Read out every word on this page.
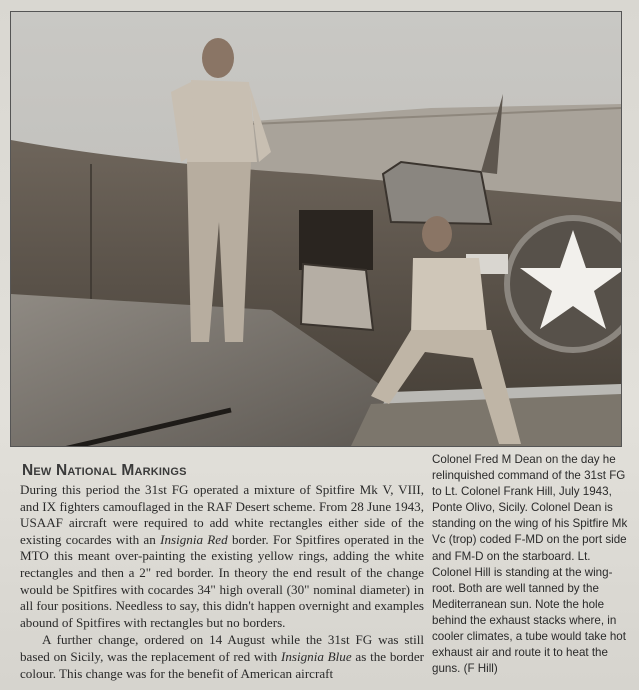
New National Markings

During this period the 31st FG operated a mixture of Spitfire Mk V, VIII, and IX fighters camouflaged in the RAF Desert scheme. From 28 June 1943, USAAF aircraft were required to add white rectangles either side of the existing cocardes with an Insignia Red border. For Spitfires operated in the MTO this meant over-painting the existing yellow rings, adding the white rectangles and then a 2" red border. In theory the end result of the change would be Spitfires with cocardes 34" high overall (30" nominal diameter) in all four positions. Needless to say, this didn't happen overnight and examples abound of Spitfires with rectangles but no borders.

A further change, ordered on 14 August while the 31st FG was still based on Sicily, was the replacement of red with Insignia Blue as the border colour. This change was for the benefit of American aircraft

Colonel Fred M Dean on the day he relinquished command of the 31st FG to Lt. Colonel Frank Hill, July 1943, Ponte Olivo, Sicily. Colonel Dean is standing on the wing of his Spitfire Mk Vc (trop) coded F-MD on the port side and FM-D on the starboard. Lt. Colonel Hill is standing at the wing-root. Both are well tanned by the Mediterranean sun. Note the hole behind the exhaust stacks where, in cooler climates, a tube would take hot exhaust air and route it to heat the guns. (F Hill)
